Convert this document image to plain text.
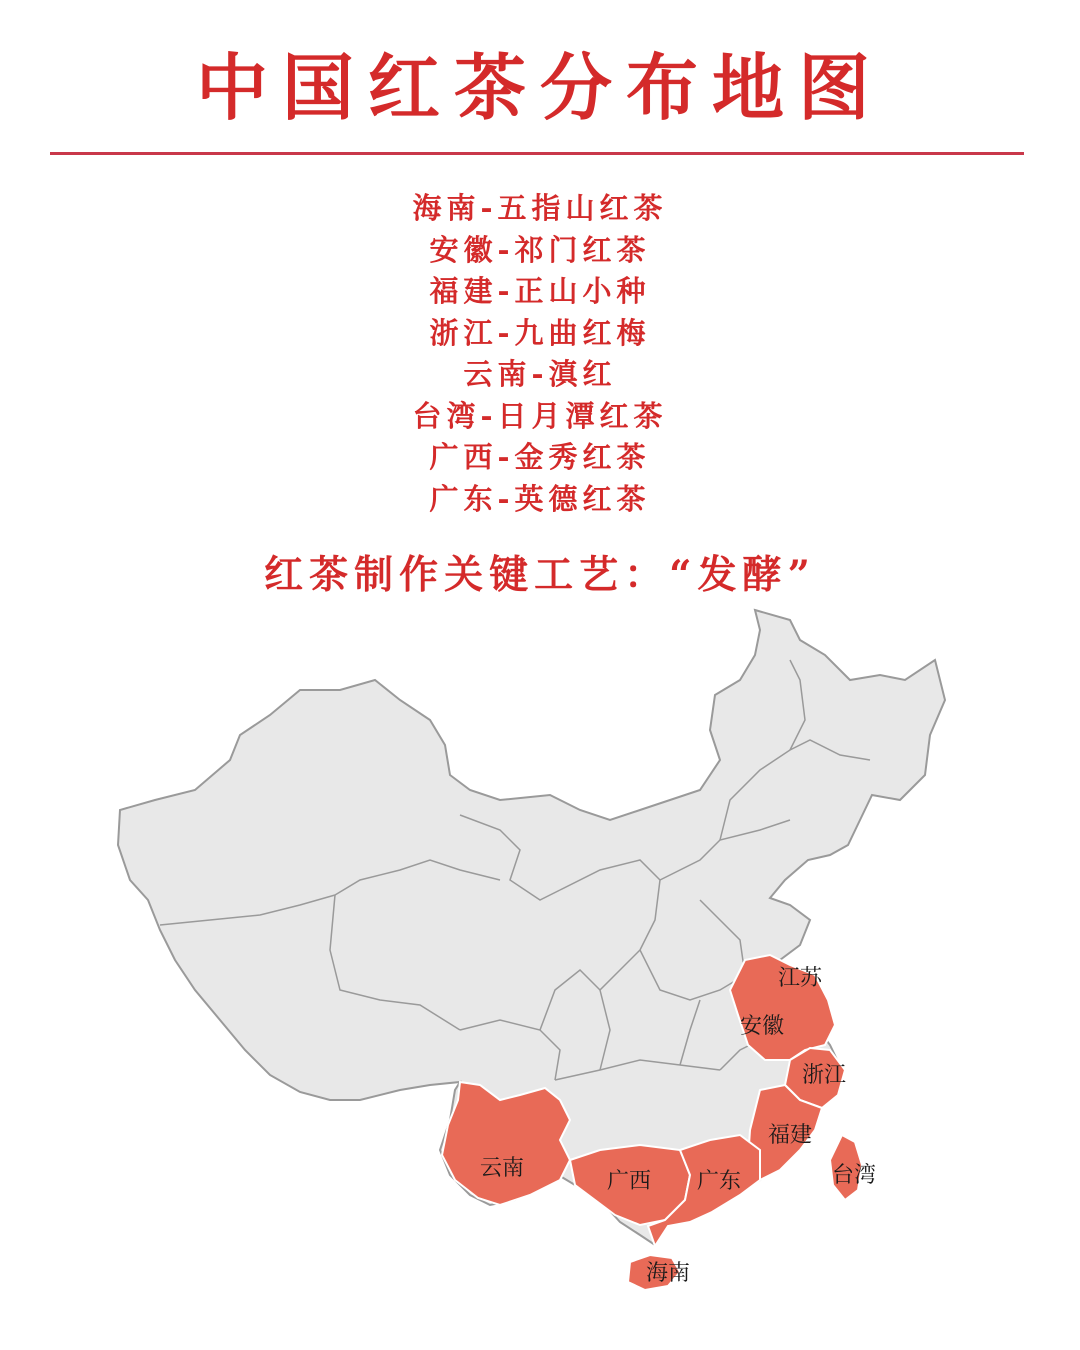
中国红茶分布地图
海南-五指山红茶
安徽-祁门红茶
福建-正山小种
浙江-九曲红梅
云南-滇红
台湾-日月潭红茶
广西-金秀红茶
广东-英德红茶
红茶制作关键工艺：“发酵”
江苏
安徽
浙江
福建
台湾
云南
广西 广东
海南
